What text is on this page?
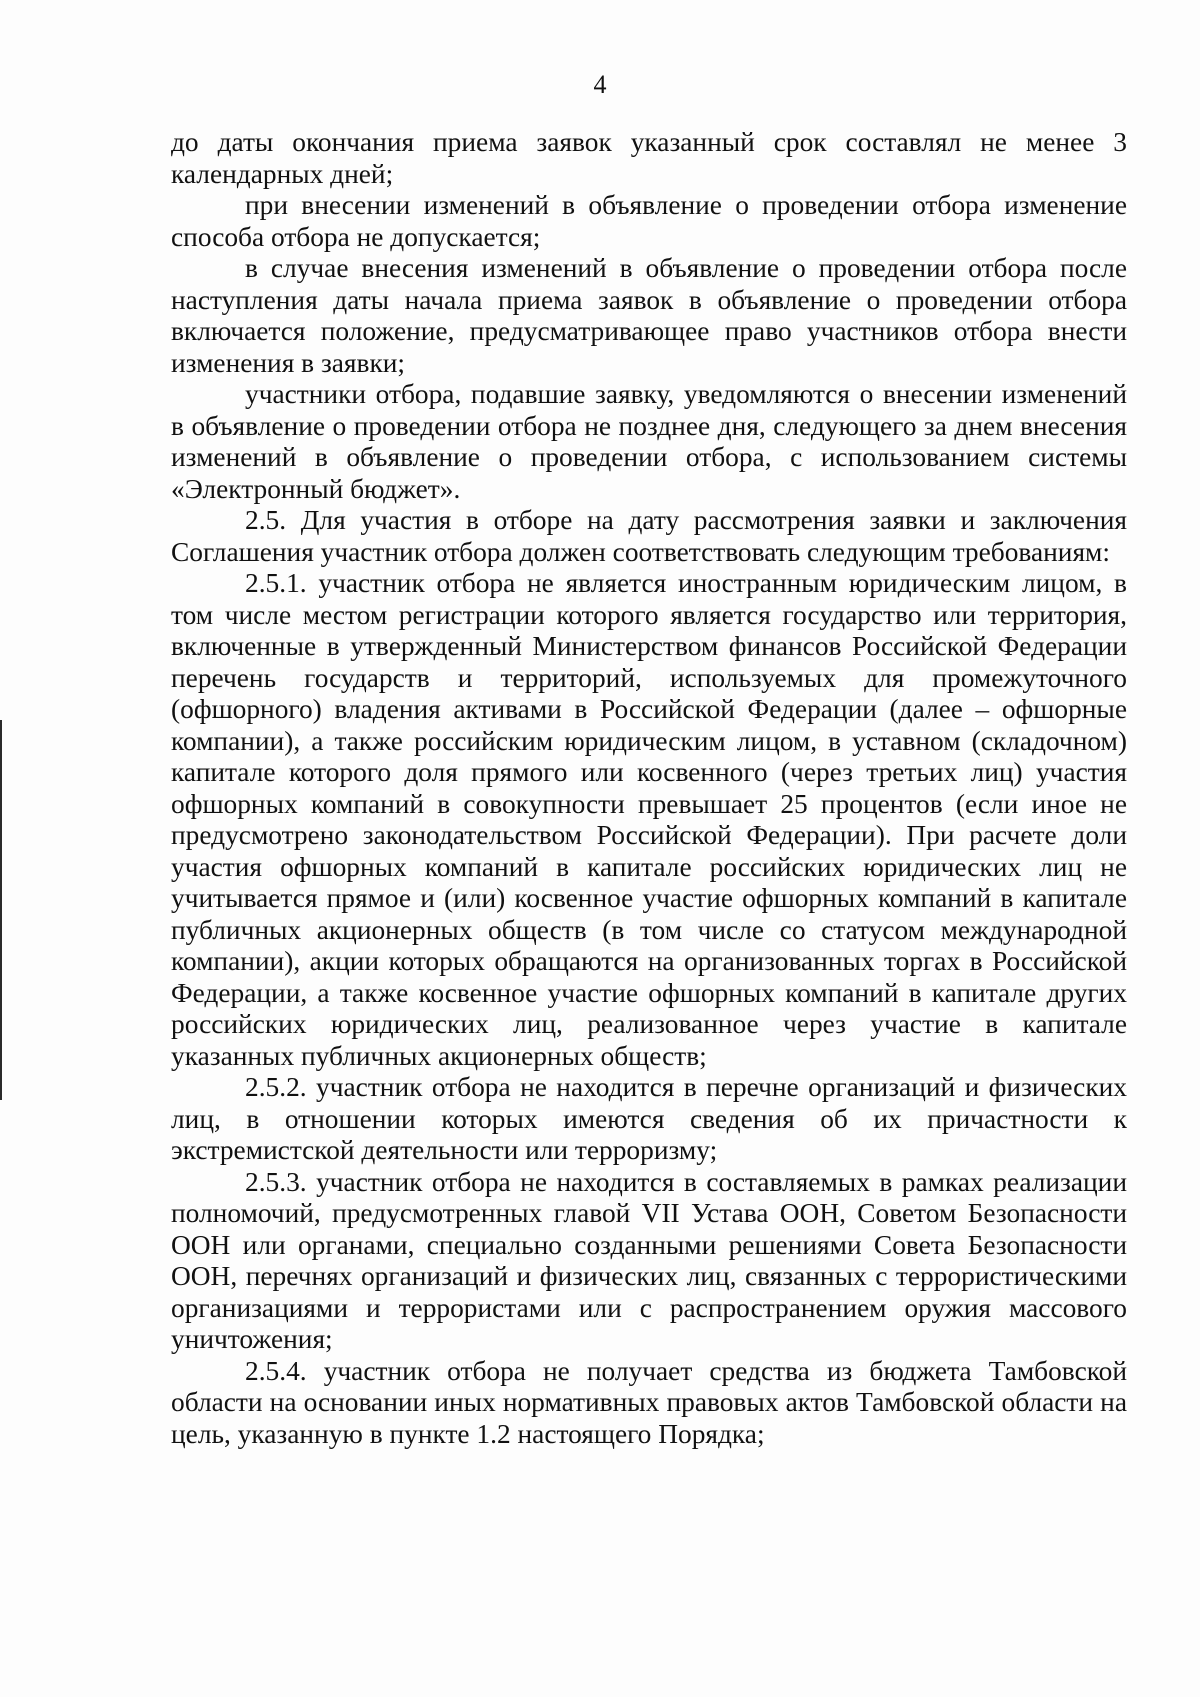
4

до даты окончания приема заявок указанный срок составлял не менее 3 календарных дней;

при внесении изменений в объявление о проведении отбора изменение способа отбора не допускается;

в случае внесения изменений в объявление о проведении отбора после наступления даты начала приема заявок в объявление о проведении отбора включается положение, предусматривающее право участников отбора внести изменения в заявки;

участники отбора, подавшие заявку, уведомляются о внесении изменений в объявление о проведении отбора не позднее дня, следующего за днем внесения изменений в объявление о проведении отбора, с использованием системы «Электронный бюджет».

2.5. Для участия в отборе на дату рассмотрения заявки и заключения Соглашения участник отбора должен соответствовать следующим требованиям:

2.5.1. участник отбора не является иностранным юридическим лицом, в том числе местом регистрации которого является государство или территория, включенные в утвержденный Министерством финансов Российской Федерации перечень государств и территорий, используемых для промежуточного (офшорного) владения активами в Российской Федерации (далее – офшорные компании), а также российским юридическим лицом, в уставном (складочном) капитале которого доля прямого или косвенного (через третьих лиц) участия офшорных компаний в совокупности превышает 25 процентов (если иное не предусмотрено законодательством Российской Федерации). При расчете доли участия офшорных компаний в капитале российских юридических лиц не учитывается прямое и (или) косвенное участие офшорных компаний в капитале публичных акционерных обществ (в том числе со статусом международной компании), акции которых обращаются на организованных торгах в Российской Федерации, а также косвенное участие офшорных компаний в капитале других российских юридических лиц, реализованное через участие в капитале указанных публичных акционерных обществ;

2.5.2. участник отбора не находится в перечне организаций и физических лиц, в отношении которых имеются сведения об их причастности к экстремистской деятельности или терроризму;

2.5.3. участник отбора не находится в составляемых в рамках реализации полномочий, предусмотренных главой VII Устава ООН, Советом Безопасности ООН или органами, специально созданными решениями Совета Безопасности ООН, перечнях организаций и физических лиц, связанных с террористическими организациями и террористами или с распространением оружия массового уничтожения;

2.5.4. участник отбора не получает средства из бюджета Тамбовской области на основании иных нормативных правовых актов Тамбовской области на цель, указанную в пункте 1.2 настоящего Порядка;
